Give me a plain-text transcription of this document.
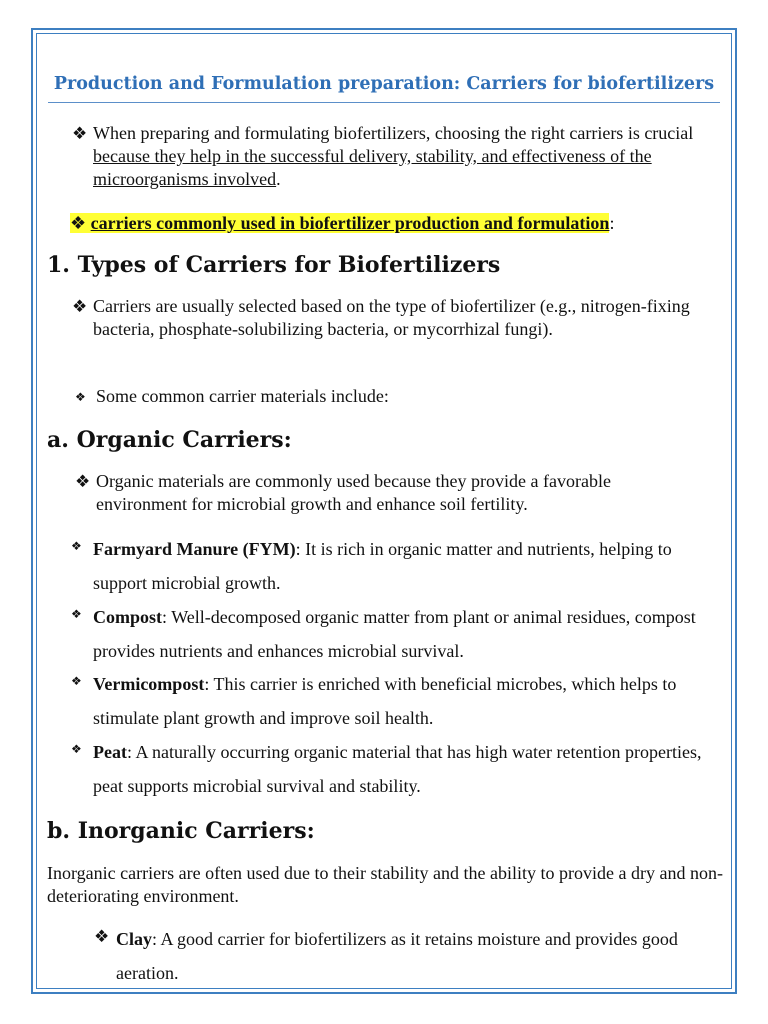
Production and Formulation preparation: Carriers for biofertilizers
❖ When preparing and formulating biofertilizers, choosing the right carriers is crucial because they help in the successful delivery, stability, and effectiveness of the microorganisms involved.
❖ carriers commonly used in biofertilizer production and formulation:
1. Types of Carriers for Biofertilizers
❖ Carriers are usually selected based on the type of biofertilizer (e.g., nitrogen-fixing bacteria, phosphate-solubilizing bacteria, or mycorrhizal fungi).
❖ Some common carrier materials include:
a. Organic Carriers:
❖ Organic materials are commonly used because they provide a favorable environment for microbial growth and enhance soil fertility.
❖ Farmyard Manure (FYM): It is rich in organic matter and nutrients, helping to support microbial growth.
❖ Compost: Well-decomposed organic matter from plant or animal residues, compost provides nutrients and enhances microbial survival.
❖ Vermicompost: This carrier is enriched with beneficial microbes, which helps to stimulate plant growth and improve soil health.
❖ Peat: A naturally occurring organic material that has high water retention properties, peat supports microbial survival and stability.
b. Inorganic Carriers:
Inorganic carriers are often used due to their stability and the ability to provide a dry and non-deteriorating environment.
❖ Clay: A good carrier for biofertilizers as it retains moisture and provides good aeration.
